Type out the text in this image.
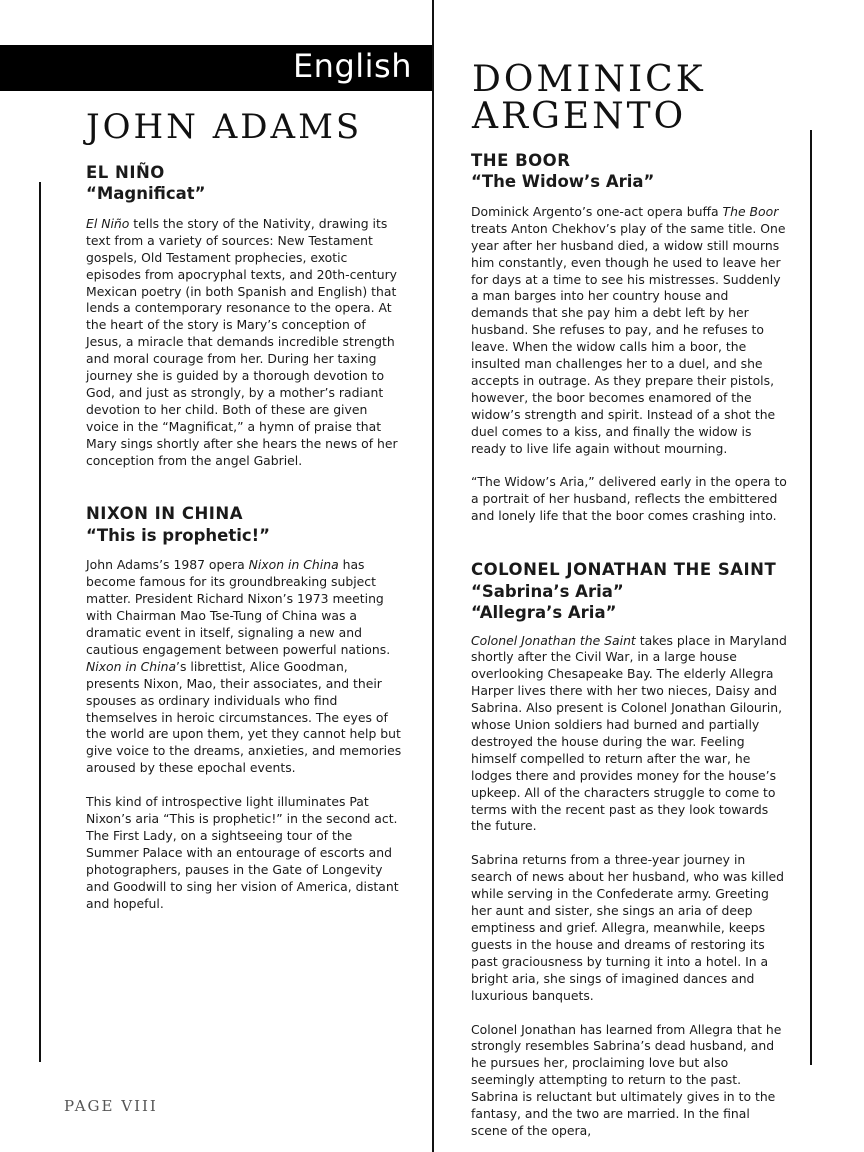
English
JOHN ADAMS
EL NIÑO
“Magnificat”

El Niño tells the story of the Nativity, drawing its text from a variety of sources: New Testament gospels, Old Testament prophecies, exotic episodes from apocryphal texts, and 20th-century Mexican poetry (in both Spanish and English) that lends a contemporary resonance to the opera. At the heart of the story is Mary’s conception of Jesus, a miracle that demands incredible strength and moral courage from her. During her taxing journey she is guided by a thorough devotion to God, and just as strongly, by a mother’s radiant devotion to her child. Both of these are given voice in the “Magnificat,” a hymn of praise that Mary sings shortly after she hears the news of her conception from the angel Gabriel.

NIXON IN CHINA
“This is prophetic!”

John Adams’s 1987 opera Nixon in China has become famous for its groundbreaking subject matter. President Richard Nixon’s 1973 meeting with Chairman Mao Tse-Tung of China was a dramatic event in itself, signaling a new and cautious engagement between powerful nations. Nixon in China’s librettist, Alice Goodman, presents Nixon, Mao, their associates, and their spouses as ordinary individuals who find themselves in heroic circumstances. The eyes of the world are upon them, yet they cannot help but give voice to the dreams, anxieties, and memories aroused by these epochal events.

This kind of introspective light illuminates Pat Nixon’s aria “This is prophetic!” in the second act. The First Lady, on a sightseeing tour of the Summer Palace with an entourage of escorts and photographers, pauses in the Gate of Longevity and Goodwill to sing her vision of America, distant and hopeful.

PAGE VIII
DOMINICK
ARGENTO
THE BOOR
“The Widow’s Aria”

Dominick Argento’s one-act opera buffa The Boor treats Anton Chekhov’s play of the same title. One year after her husband died, a widow still mourns him constantly, even though he used to leave her for days at a time to see his mistresses. Suddenly a man barges into her country house and demands that she pay him a debt left by her husband. She refuses to pay, and he refuses to leave. When the widow calls him a boor, the insulted man challenges her to a duel, and she accepts in outrage. As they prepare their pistols, however, the boor becomes enamored of the widow’s strength and spirit. Instead of a shot the duel comes to a kiss, and finally the widow is ready to live life again without mourning.

“The Widow’s Aria,” delivered early in the opera to a portrait of her husband, reflects the embittered and lonely life that the boor comes crashing into.

COLONEL JONATHAN THE SAINT
“Sabrina’s Aria”
“Allegra’s Aria”

Colonel Jonathan the Saint takes place in Maryland shortly after the Civil War, in a large house overlooking Chesapeake Bay. The elderly Allegra Harper lives there with her two nieces, Daisy and Sabrina. Also present is Colonel Jonathan Gilourin, whose Union soldiers had burned and partially destroyed the house during the war. Feeling himself compelled to return after the war, he lodges there and provides money for the house’s upkeep. All of the characters struggle to come to terms with the recent past as they look towards the future.

Sabrina returns from a three-year journey in search of news about her husband, who was killed while serving in the Confederate army. Greeting her aunt and sister, she sings an aria of deep emptiness and grief. Allegra, meanwhile, keeps guests in the house and dreams of restoring its past graciousness by turning it into a hotel. In a bright aria, she sings of imagined dances and luxurious banquets.

Colonel Jonathan has learned from Allegra that he strongly resembles Sabrina’s dead husband, and he pursues her, proclaiming love but also seemingly attempting to return to the past. Sabrina is reluctant but ultimately gives in to the fantasy, and the two are married. In the final scene of the opera,
